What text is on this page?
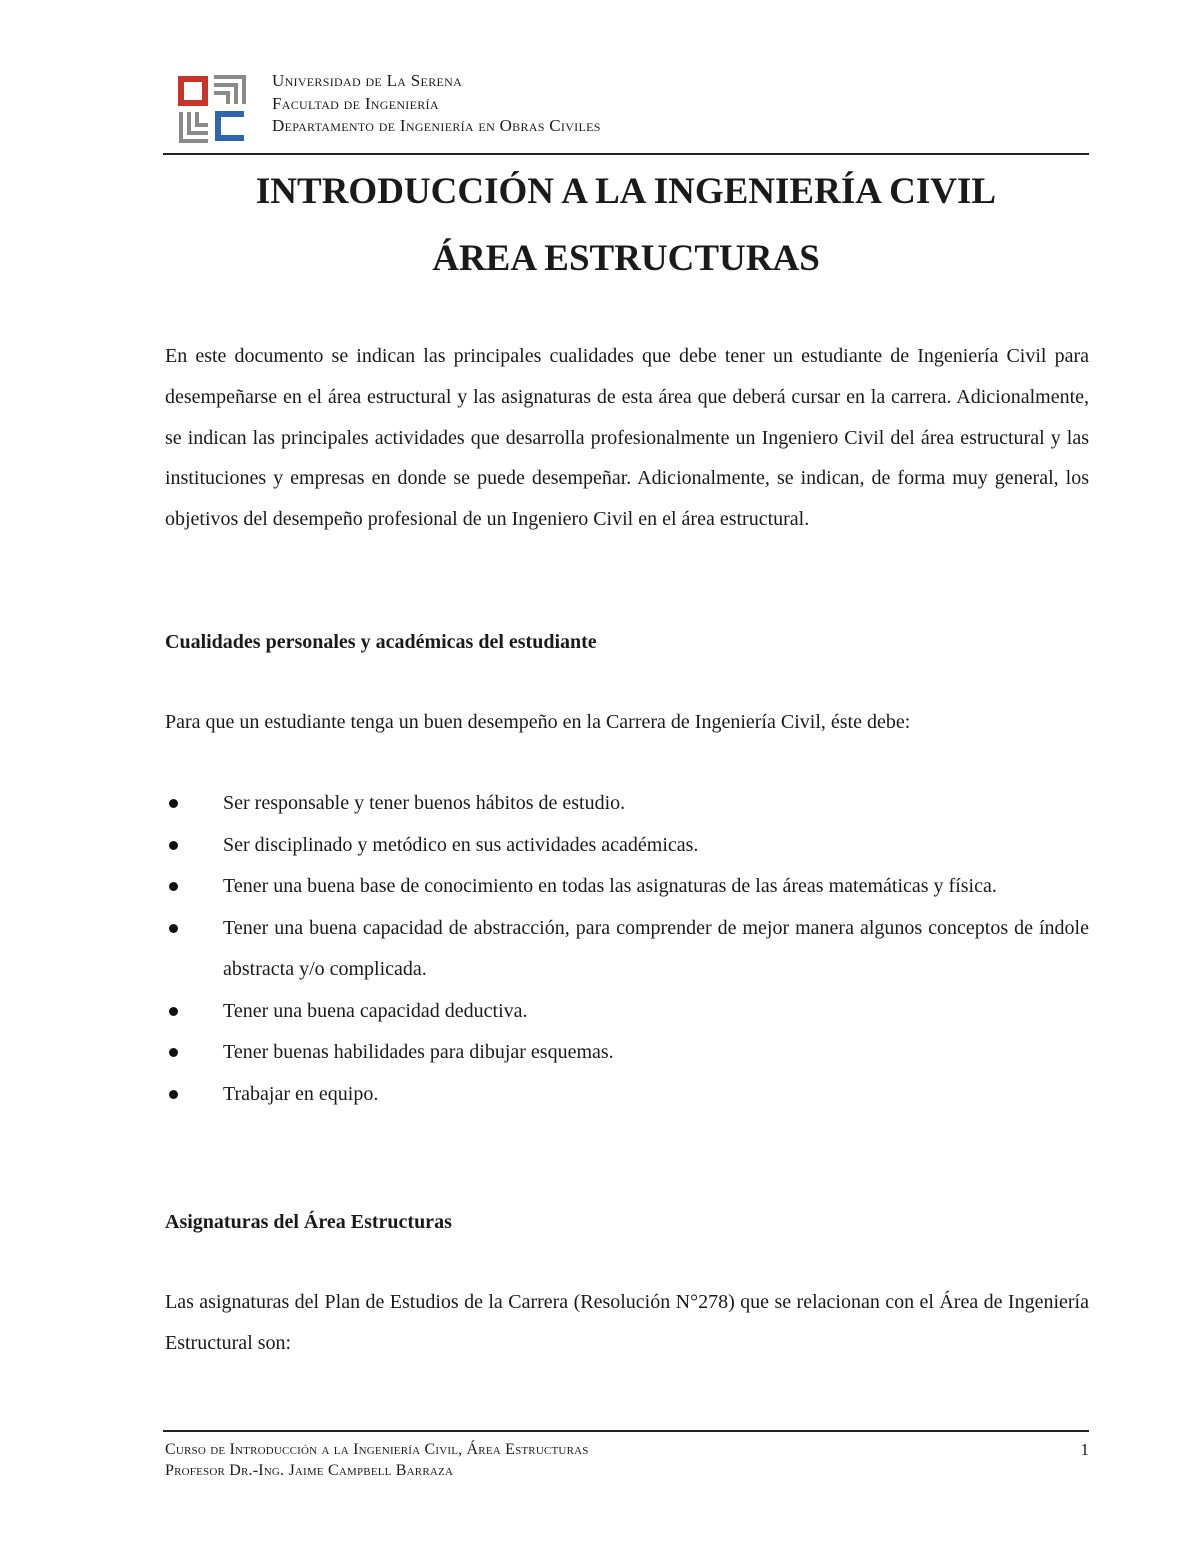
Universidad de La Serena
Facultad de Ingeniería
Departamento de Ingeniería en Obras Civiles
INTRODUCCIÓN A LA INGENIERÍA CIVIL
ÁREA ESTRUCTURAS

En este documento se indican las principales cualidades que debe tener un estudiante de Ingeniería Civil para desempeñarse en el área estructural y las asignaturas de esta área que deberá cursar en la carrera. Adicionalmente, se indican las principales actividades que desarrolla profesionalmente un Ingeniero Civil del área estructural y las instituciones y empresas en donde se puede desempeñar. Adicionalmente, se indican, de forma muy general, los objetivos del desempeño profesional de un Ingeniero Civil en el área estructural.

Cualidades personales y académicas del estudiante

Para que un estudiante tenga un buen desempeño en la Carrera de Ingeniería Civil, éste debe:

Ser responsable y tener buenos hábitos de estudio.
Ser disciplinado y metódico en sus actividades académicas.
Tener una buena base de conocimiento en todas las asignaturas de las áreas matemáticas y física.
Tener una buena capacidad de abstracción, para comprender de mejor manera algunos conceptos de índole abstracta y/o complicada.
Tener una buena capacidad deductiva.
Tener buenas habilidades para dibujar esquemas.
Trabajar en equipo.
Asignaturas del Área Estructuras

Las asignaturas del Plan de Estudios de la Carrera (Resolución N°278) que se relacionan con el Área de Ingeniería Estructural son:

Curso de Introducción a la Ingeniería Civil, Área Estructuras
Profesor Dr.-Ing. Jaime Campbell Barraza
1
